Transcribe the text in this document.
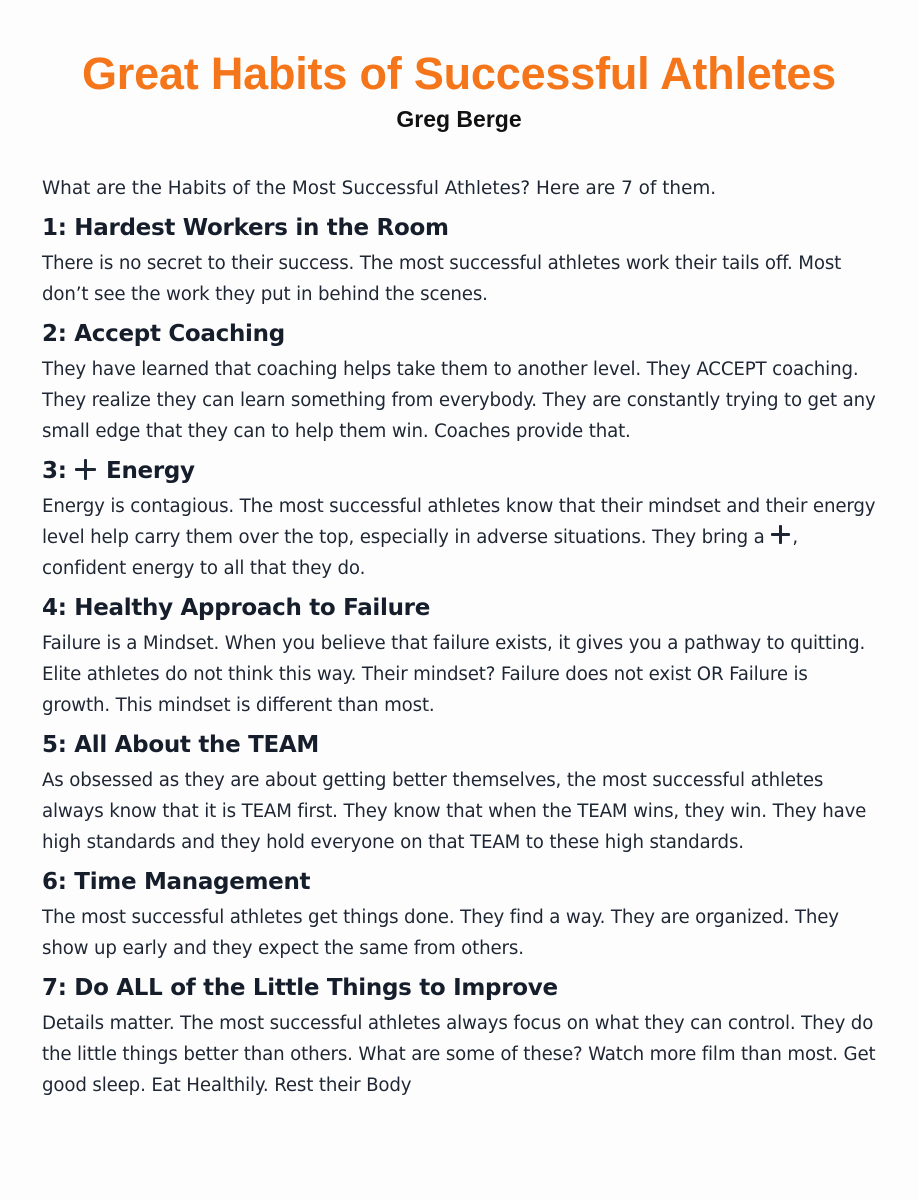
Great Habits of Successful Athletes
Greg Berge

What are the Habits of the Most Successful Athletes? Here are 7 of them.

1: Hardest Workers in the Room

There is no secret to their success. The most successful athletes work their tails off. Most don’t see the work they put in behind the scenes.

2: Accept Coaching

They have learned that coaching helps take them to another level. They ACCEPT coaching. They realize they can learn something from everybody. They are constantly trying to get any small edge that they can to help them win. Coaches provide that.

3: Energy

Energy is contagious. The most successful athletes know that their mindset and their energy level help carry them over the top, especially in adverse situations. They bring a , confident energy to all that they do.

4: Healthy Approach to Failure

Failure is a Mindset. When you believe that failure exists, it gives you a pathway to quitting. Elite athletes do not think this way. Their mindset? Failure does not exist OR Failure is growth. This mindset is different than most.

5: All About the TEAM

As obsessed as they are about getting better themselves, the most successful athletes always know that it is TEAM first. They know that when the TEAM wins, they win. They have high standards and they hold everyone on that TEAM to these high standards.

6: Time Management

The most successful athletes get things done. They find a way. They are organized. They show up early and they expect the same from others.

7: Do ALL of the Little Things to Improve

Details matter. The most successful athletes always focus on what they can control. They do the little things better than others. What are some of these? Watch more film than most. Get good sleep. Eat Healthily. Rest their Body
